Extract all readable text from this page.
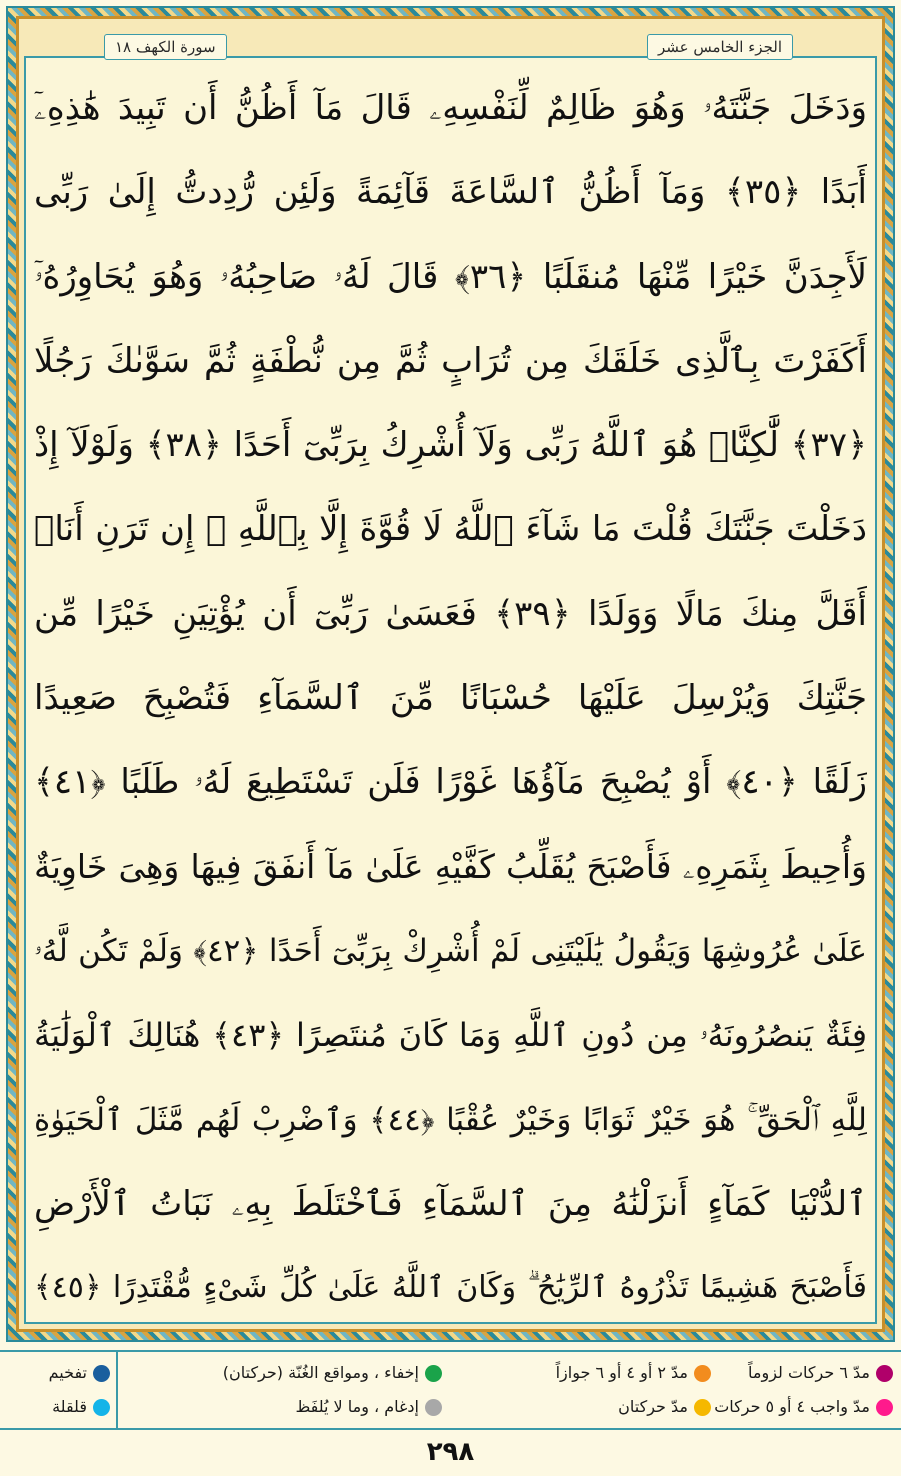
سورة الكهف ١٨	الجزء الخامس عشر
وَدَخَلَ جَنَّتَهُۥ وَهُوَ ظَالِمٌ لِّنَفْسِهِۦ قَالَ مَآ أَظُنُّ أَن تَبِيدَ هَٰذِهِۦٓ
أَبَدًا ﴿٣٥﴾ وَمَآ أَظُنُّ ٱلسَّاعَةَ قَآئِمَةً وَلَئِن رُّدِدتُّ إِلَىٰ رَبِّى
لَأَجِدَنَّ خَيْرًا مِّنْهَا مُنقَلَبًا ﴿٣٦﴾ قَالَ لَهُۥ صَاحِبُهُۥ وَهُوَ يُحَاوِرُهُۥٓ
أَكَفَرْتَ بِٱلَّذِى خَلَقَكَ مِن تُرَابٍ ثُمَّ مِن نُّطْفَةٍ ثُمَّ سَوَّىٰكَ رَجُلًا
﴿٣٧﴾ لَّٰكِنَّا۠ هُوَ ٱللَّهُ رَبِّى وَلَآ أُشْرِكُ بِرَبِّىٓ أَحَدًا ﴿٣٨﴾ وَلَوْلَآ إِذْ
دَخَلْتَ جَنَّتَكَ قُلْتَ مَا شَآءَ ٱللَّهُ لَا قُوَّةَ إِلَّا بِٱللَّهِ ۚ إِن تَرَنِ أَنَا۠
أَقَلَّ مِنكَ مَالًا وَوَلَدًا ﴿٣٩﴾ فَعَسَىٰ رَبِّىٓ أَن يُؤْتِيَنِ خَيْرًا مِّن
جَنَّتِكَ وَيُرْسِلَ عَلَيْهَا حُسْبَانًا مِّنَ ٱلسَّمَآءِ فَتُصْبِحَ صَعِيدًا
زَلَقًا ﴿٤٠﴾ أَوْ يُصْبِحَ مَآؤُهَا غَوْرًا فَلَن تَسْتَطِيعَ لَهُۥ طَلَبًا ﴿٤١﴾
وَأُحِيطَ بِثَمَرِهِۦ فَأَصْبَحَ يُقَلِّبُ كَفَّيْهِ عَلَىٰ مَآ أَنفَقَ فِيهَا وَهِىَ خَاوِيَةٌ
عَلَىٰ عُرُوشِهَا وَيَقُولُ يَٰلَيْتَنِى لَمْ أُشْرِكْ بِرَبِّىٓ أَحَدًا ﴿٤٢﴾ وَلَمْ تَكُن لَّهُۥ
فِئَةٌ يَنصُرُونَهُۥ مِن دُونِ ٱللَّهِ وَمَا كَانَ مُنتَصِرًا ﴿٤٣﴾ هُنَالِكَ ٱلْوَلَٰيَةُ
لِلَّهِ ٱلْحَقِّ ۚ هُوَ خَيْرٌ ثَوَابًا وَخَيْرٌ عُقْبًا ﴿٤٤﴾ وَٱضْرِبْ لَهُم مَّثَلَ ٱلْحَيَوٰةِ
ٱلدُّنْيَا كَمَآءٍ أَنزَلْنَٰهُ مِنَ ٱلسَّمَآءِ فَٱخْتَلَطَ بِهِۦ نَبَاتُ ٱلْأَرْضِ
فَأَصْبَحَ هَشِيمًا تَذْرُوهُ ٱلرِّيَٰحُ ۗ وَكَانَ ٱللَّهُ عَلَىٰ كُلِّ شَىْءٍ مُّقْتَدِرًا ﴿٤٥﴾
مدّ ٦ حركات لزوماً
مدّ ٢ أو ٤ أو ٦ جوازاً
مدّ واجب ٤ أو ٥ حركات
مدّ حركتان
إخفاء ، ومواقع الغُنّة (حركتان)
إدغام ، وما لا يُلفَظ
تفخيم
قلقلة
٢٩٨
